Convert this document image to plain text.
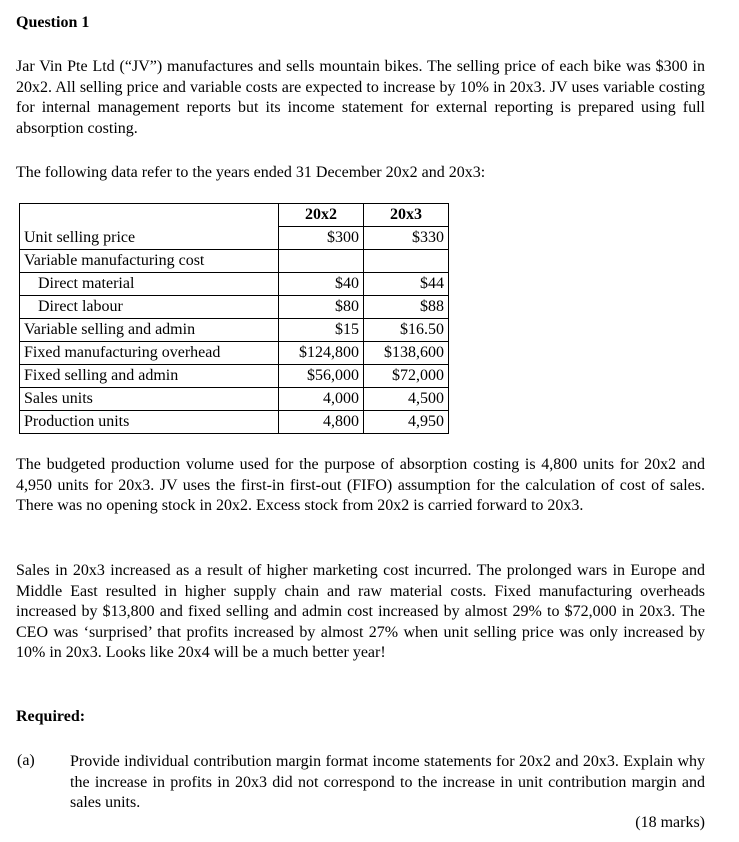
Question 1
Jar Vin Pte Ltd (“JV”) manufactures and sells mountain bikes. The selling price of each bike was $300 in 20x2. All selling price and variable costs are expected to increase by 10% in 20x3. JV uses variable costing for internal management reports but its income statement for external reporting is prepared using full absorption costing.
The following data refer to the years ended 31 December 20x2 and 20x3:
	20x2	20x3
Unit selling price	$300	$330
Variable manufacturing cost		
Direct material	$40	$44
Direct labour	$80	$88
Variable selling and admin	$15	$16.50
Fixed manufacturing overhead	$124,800	$138,600
Fixed selling and admin	$56,000	$72,000
Sales units	4,000	4,500
Production units	4,800	4,950
The budgeted production volume used for the purpose of absorption costing is 4,800 units for 20x2 and 4,950 units for 20x3. JV uses the first-in first-out (FIFO) assumption for the calculation of cost of sales. There was no opening stock in 20x2. Excess stock from 20x2 is carried forward to 20x3.
Sales in 20x3 increased as a result of higher marketing cost incurred. The prolonged wars in Europe and Middle East resulted in higher supply chain and raw material costs. Fixed manufacturing overheads increased by $13,800 and fixed selling and admin cost increased by almost 29% to $72,000 in 20x3. The CEO was ‘surprised’ that profits increased by almost 27% when unit selling price was only increased by 10% in 20x3. Looks like 20x4 will be a much better year!
Required:
(a) Provide individual contribution margin format income statements for 20x2 and 20x3. Explain why the increase in profits in 20x3 did not correspond to the increase in unit contribution margin and sales units.
(18 marks)
